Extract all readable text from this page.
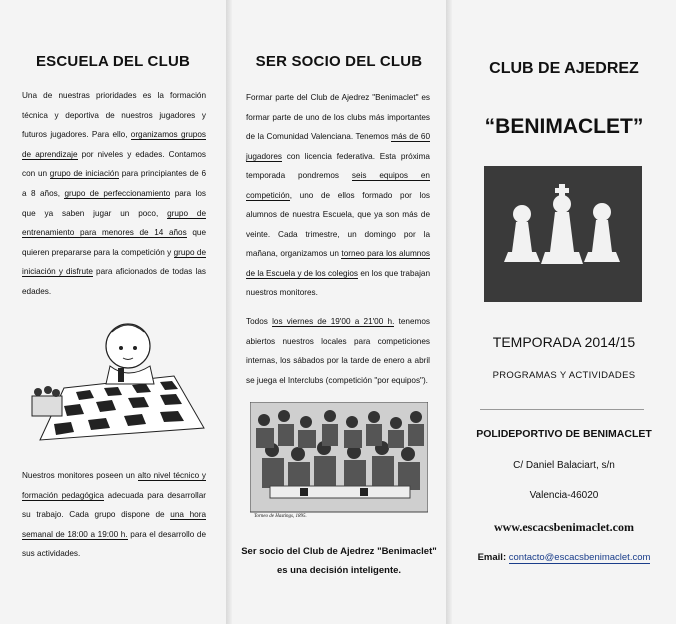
ESCUELA DEL CLUB
Una de nuestras prioridades es la formación técnica y deportiva de nuestros jugadores y futuros jugadores. Para ello, organizamos grupos de aprendizaje por niveles y edades. Contamos con un grupo de iniciación para principiantes de 6 a 8 años, grupo de perfeccionamiento para los que ya saben jugar un poco, grupo de entrenamiento para menores de 14 años que quieren prepararse para la competición y grupo de iniciación y disfrute para aficionados de todas las edades.
Nuestros monitores poseen un alto nivel técnico y formación pedagógica adecuada para desarrollar su trabajo. Cada grupo dispone de una hora semanal de 18:00 a 19:00 h. para el desarrollo de sus actividades.
SER SOCIO DEL CLUB
Formar parte del Club de Ajedrez "Benimaclet" es formar parte de uno de los clubs más importantes de la Comunidad Valenciana. Tenemos más de 60 jugadores con licencia federativa. Esta próxima temporada pondremos seis equipos en competición, uno de ellos formado por los alumnos de nuestra Escuela, que ya son más de veinte. Cada trimestre, un domingo por la mañana, organizamos un torneo para los alumnos de la Escuela y de los colegios en los que trabajan nuestros monitores.
Todos los viernes de 19'00 a 21'00 h. tenemos abiertos nuestros locales para competiciones internas, los sábados por la tarde de enero a abril se juega el Interclubs (competición "por equipos").
Torneo de Hastings, 1895.
Ser socio del Club de Ajedrez "Benimaclet"
es una decisión inteligente.
CLUB DE AJEDREZ
“BENIMACLET”
TEMPORADA 2014/15
PROGRAMAS Y ACTIVIDADES
POLIDEPORTIVO DE BENIMACLET
C/ Daniel Balaciart, s/n
Valencia-46020
www.escacsbenimaclet.com
Email: contacto@escacsbenimaclet.com
